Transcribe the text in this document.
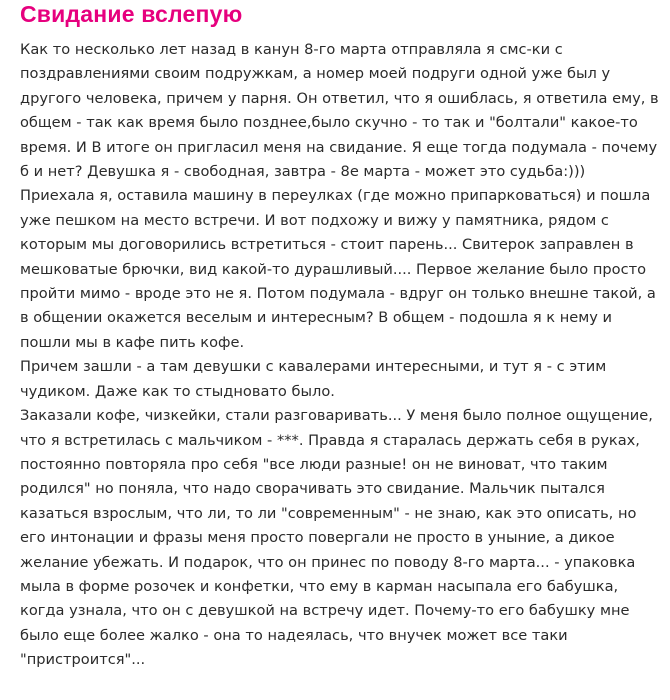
Свидание вслепую

Как то несколько лет назад в канун 8-го марта отправляла я смс-ки с
поздравлениями своим подружкам, а номер моей подруги одной уже был у
другого человека, причем у парня. Он ответил, что я ошиблась, я ответила ему, в
общем - так как время было позднее,было скучно - то так и "болтали" какое-то
время. И В итоге он пригласил меня на свидание. Я еще тогда подумала - почему
б и нет? Девушка я - свободная, завтра - 8е марта - может это судьба:)))
Приехала я, оставила машину в переулках (где можно припарковаться) и пошла
уже пешком на место встречи. И вот подхожу и вижу у памятника, рядом с
которым мы договорились встретиться - стоит парень... Свитерок заправлен в
мешковатые брючки, вид какой-то дурашливый.... Первое желание было просто
пройти мимо - вроде это не я. Потом подумала - вдруг он только внешне такой, а
в общении окажется веселым и интересным? В общем - подошла я к нему и
пошли мы в кафе пить кофе.
Причем зашли - а там девушки с кавалерами интересными, и тут я - с этим
чудиком. Даже как то стыдновато было.
Заказали кофе, чизкейки, стали разговаривать... У меня было полное ощущение,
что я встретилась с мальчиком - ***. Правда я старалась держать себя в руках,
постоянно повторяла про себя "все люди разные! он не виноват, что таким
родился" но поняла, что надо сворачивать это свидание. Мальчик пытался
казаться взрослым, что ли, то ли "современным" - не знаю, как это описать, но
его интонации и фразы меня просто повергали не просто в уныние, а дикое
желание убежать. И подарок, что он принес по поводу 8-го марта... - упаковка
мыла в форме розочек и конфетки, что ему в карман насыпала его бабушка,
когда узнала, что он с девушкой на встречу идет. Почему-то его бабушку мне
было еще более жалко - она то надеялась, что внучек может все таки
"пристроится"...
